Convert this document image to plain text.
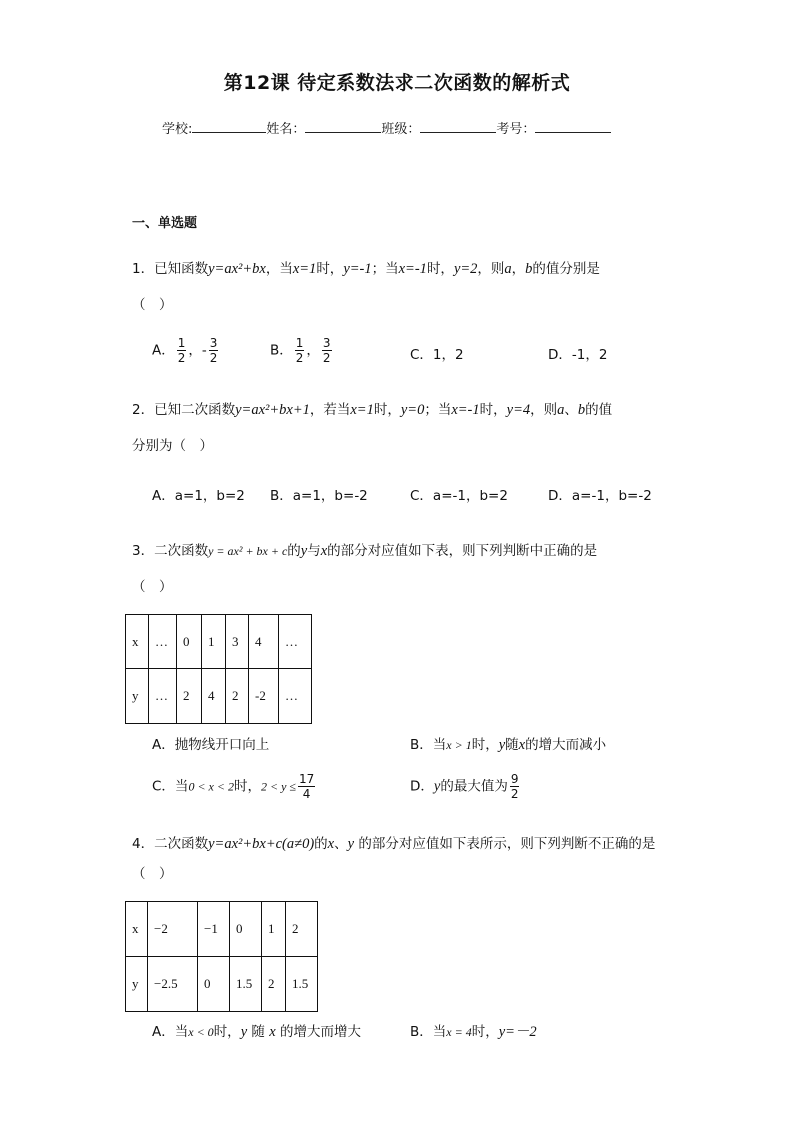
第12课 待定系数法求二次函数的解析式
学校:	姓名：	班级：	考号：
一、单选题
1．已知函数y=ax²+bx，当x=1时，y=-1；当x=-1时，y=2，则a，b的值分别是
（　）
A． $\frac{1}{2}$ ，- $\frac{3}{2}$	B． $\frac{1}{2}$ ， $\frac{3}{2}$	C．1，2	D．-1，2
2．已知二次函数y=ax²+bx+1，若当x=1时，y=0；当x=-1时，y=4，则a、b的值
分别为（　）
A．a=1，b=2 B．a=1，b=-2	C．a=-1，b=2	D．a=-1，b=-2
3．二次函数y = ax² + bx + c的y与x的部分对应值如下表，则下列判断中正确的是
（　）
x	…	0	1	3	4	…
y	…	2	4	2	-2	…
A．抛物线开口向上	B．当x > 1时，y随x的增大而减小
C．当0 < x < 2时，$2 < y \le \frac{17}{4}$	D．y的最大值为 $\frac{9}{2}$
4．二次函数y=ax²+bx+c(a≠0)的x、y 的部分对应值如下表所示，则下列判断不正确的是
（　）
x	−2	−1	0	1	2
y	−2.5	0	1.5	2	1.5
A．当x < 0时，y 随 x 的增大而增大	B．当x = 4时，y=－2
